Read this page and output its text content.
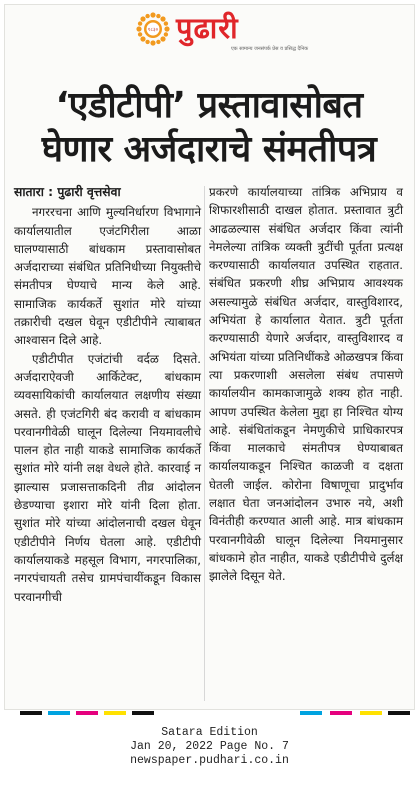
१८३० पुढारी
एक सामान्य जनसंपर्क प्रेस व प्रसिद्ध दैनिक
‘एडीटीपी’ प्रस्तावासोबत
घेणार अर्जदाराचे संमतीपत्र
सातारा : पुढारी वृत्तसेवा

नगररचना आणि मुल्यनिर्धारण विभागाने कार्यालयातील एजंटगिरीला आळा घालण्यासाठी बांधकाम प्रस्तावासोबत अर्जदाराच्या संबंधित प्रतिनिधीच्या नियुक्तीचे संमतीपत्र घेण्याचे मान्य केले आहे. सामाजिक कार्यकर्ते सुशांत मोरे यांच्या तक्रारीची दखल घेवून एडीटीपीने त्याबाबत आश्वासन दिले आहे.

एडीटीपीत एजंटांची वर्दळ दिसते. अर्जदाराऐवजी आर्किटेक्ट, बांधकाम व्यवसायिकांची कार्यालयात लक्षणीय संख्या असते. ही एजंटगिरी बंद करावी व बांधकाम परवानगीवेळी घालून दिलेल्या नियमावलीचे पालन होत नाही याकडे सामाजिक कार्यकर्ते सुशांत मोरे यांनी लक्ष वेधले होते. कारवाई न झाल्यास प्रजासत्ताकदिनी तीव्र आंदोलन छेडण्याचा इशारा मोरे यांनी दिला होता. सुशांत मोरे यांच्या आंदोलनाची दखल घेवून एडीटीपीने निर्णय घेतला आहे. एडीटीपी कार्यालयाकडे महसूल विभाग, नगरपालिका, नगरपंचायती तसेच ग्रामपंचायींकडून विकास परवानगीची

प्रकरणे कार्यालयाच्या तांत्रिक अभिप्राय व शिफारशीसाठी दाखल होतात. प्रस्तावात त्रुटी आढळल्यास संबंधित अर्जदार किंवा त्यांनी नेमलेल्या तांत्रिक व्यक्ती त्रुटींची पूर्तता प्रत्यक्ष करण्यासाठी कार्यालयात उपस्थित राहतात. संबंधित प्रकरणी शीघ्र अभिप्राय आवश्यक असल्यामुळे संबंधित अर्जदार, वास्तुविशारद, अभियंता हे कार्यालात येतात. त्रुटी पूर्तता करण्यासाठी येणारे अर्जदार, वास्तुविशारद व अभियंता यांच्या प्रतिनिधींकडे ओळखपत्र किंवा त्या प्रकरणाशी असलेला संबंध तपासणे कार्यालयीन कामकाजामुळे शक्य होत नाही. आपण उपस्थित केलेला मुद्दा हा निश्चित योग्य आहे. संबंधितांकडून नेमणुकीचे प्राधिकारपत्र किंवा मालकाचे संमतीपत्र घेण्याबाबत कार्यालयाकडून निश्चित काळजी व दक्षता घेतली जाईल. कोरोना विषाणूचा प्रादुर्भाव लक्षात घेता जनआंदोलन उभारु नये, अशी विनंतीही करण्यात आली आहे. मात्र बांधकाम परवानगीवेळी घालून दिलेल्या नियमानुसार बांधकामे होत नाहीत, याकडे एडीटीपीचे दुर्लक्ष झालेले दिसून येते.

Satara Edition
Jan 20, 2022 Page No. 7
newspaper.pudhari.co.in
